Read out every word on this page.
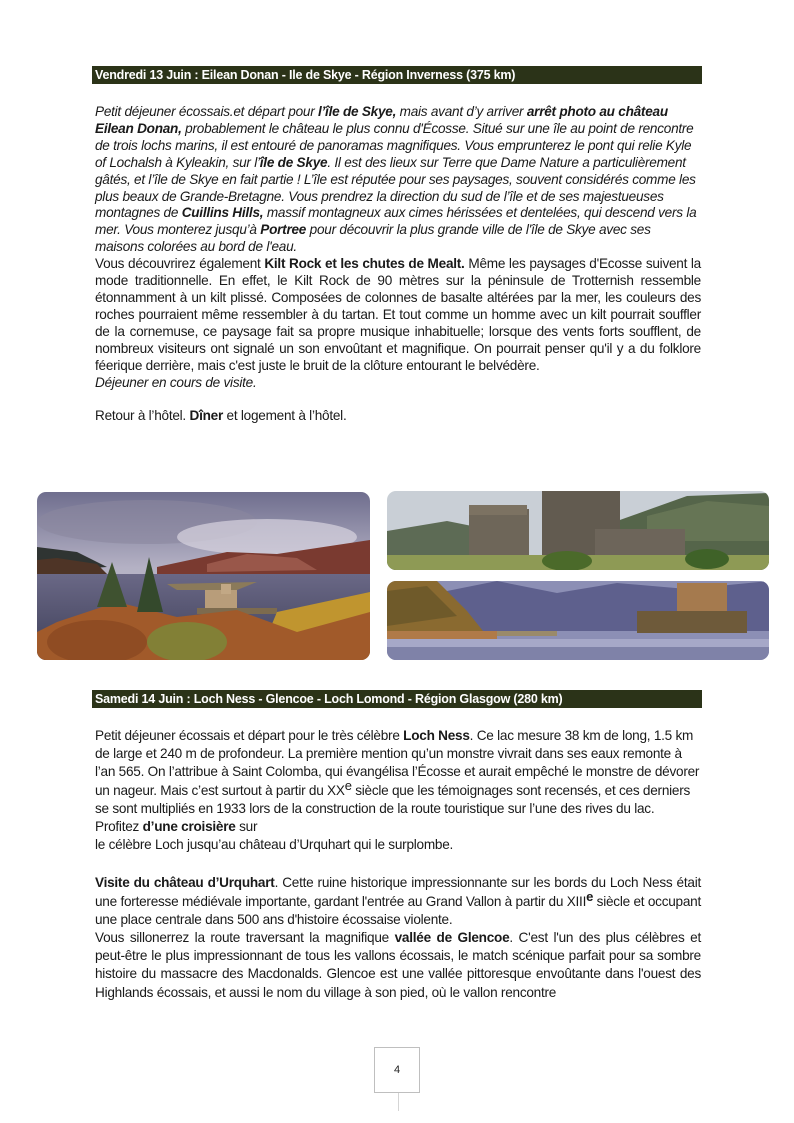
Vendredi 13 Juin : Eilean Donan - Ile de Skye - Région Inverness (375 km)

Petit déjeuner écossais.et départ pour l’île de Skye, mais avant d’y arriver arrêt photo au château Eilean Donan, probablement le château le plus connu d'Écosse. Situé sur une île au point de rencontre de trois lochs marins, il est entouré de panoramas magnifiques. Vous emprunterez le pont qui relie Kyle of Lochalsh à Kyleakin, sur l’île de Skye. Il est des lieux sur Terre que Dame Nature a particulièrement gâtés, et l’île de Skye en fait partie ! L’île est réputée pour ses paysages, souvent considérés comme les plus beaux de Grande-Bretagne. Vous prendrez la direction du sud de l’île et de ses majestueuses montagnes de Cuillins Hills, massif montagneux aux cimes hérissées et dentelées, qui descend vers la mer. Vous monterez jusqu’à Portree pour découvrir la plus grande ville de l'île de Skye avec ses maisons colorées au bord de l'eau.

Vous découvrirez également Kilt Rock et les chutes de Mealt. Même les paysages d'Ecosse suivent la mode traditionnelle. En effet, le Kilt Rock de 90 mètres sur la péninsule de Trotternish ressemble étonnamment à un kilt plissé. Composées de colonnes de basalte altérées par la mer, les couleurs des roches pourraient même ressembler à du tartan. Et tout comme un homme avec un kilt pourrait souffler de la cornemuse, ce paysage fait sa propre musique inhabituelle; lorsque des vents forts soufflent, de nombreux visiteurs ont signalé un son envoûtant et magnifique. On pourrait penser qu'il y a du folklore féerique derrière, mais c'est juste le bruit de la clôture entourant le belvédère.

Déjeuner en cours de visite.

Retour à l’hôtel. Dîner et logement à l’hôtel.

Samedi 14 Juin : Loch Ness - Glencoe - Loch Lomond - Région Glasgow (280 km)

Petit déjeuner écossais et départ pour le très célèbre Loch Ness. Ce lac mesure 38 km de long, 1.5 km de large et 240 m de profondeur. La première mention qu’un monstre vivrait dans ses eaux remonte à l’an 565. On l’attribue à Saint Colomba, qui évangélisa l’Écosse et aurait empêché le monstre de dévorer un nageur. Mais c’est surtout à partir du XXe siècle que les témoignages sont recensés, et ces derniers se sont multipliés en 1933 lors de la construction de la route touristique sur l’une des rives du lac. Profitez d’une croisière sur
le célèbre Loch jusqu’au château d’Urquhart qui le surplombe.

Visite du château d’Urquhart. Cette ruine historique impressionnante sur les bords du Loch Ness était une forteresse médiévale importante, gardant l'entrée au Grand Vallon à partir du XIIIe siècle et occupant une place centrale dans 500 ans d'histoire écossaise violente.

Vous sillonerrez la route traversant la magnifique vallée de Glencoe. C'est l'un des plus célèbres et peut-être le plus impressionnant de tous les vallons écossais, le match scénique parfait pour sa sombre histoire du massacre des Macdonalds. Glencoe est une vallée pittoresque envoûtante dans l'ouest des Highlands écossais, et aussi le nom du village à son pied, où le vallon rencontre

4
